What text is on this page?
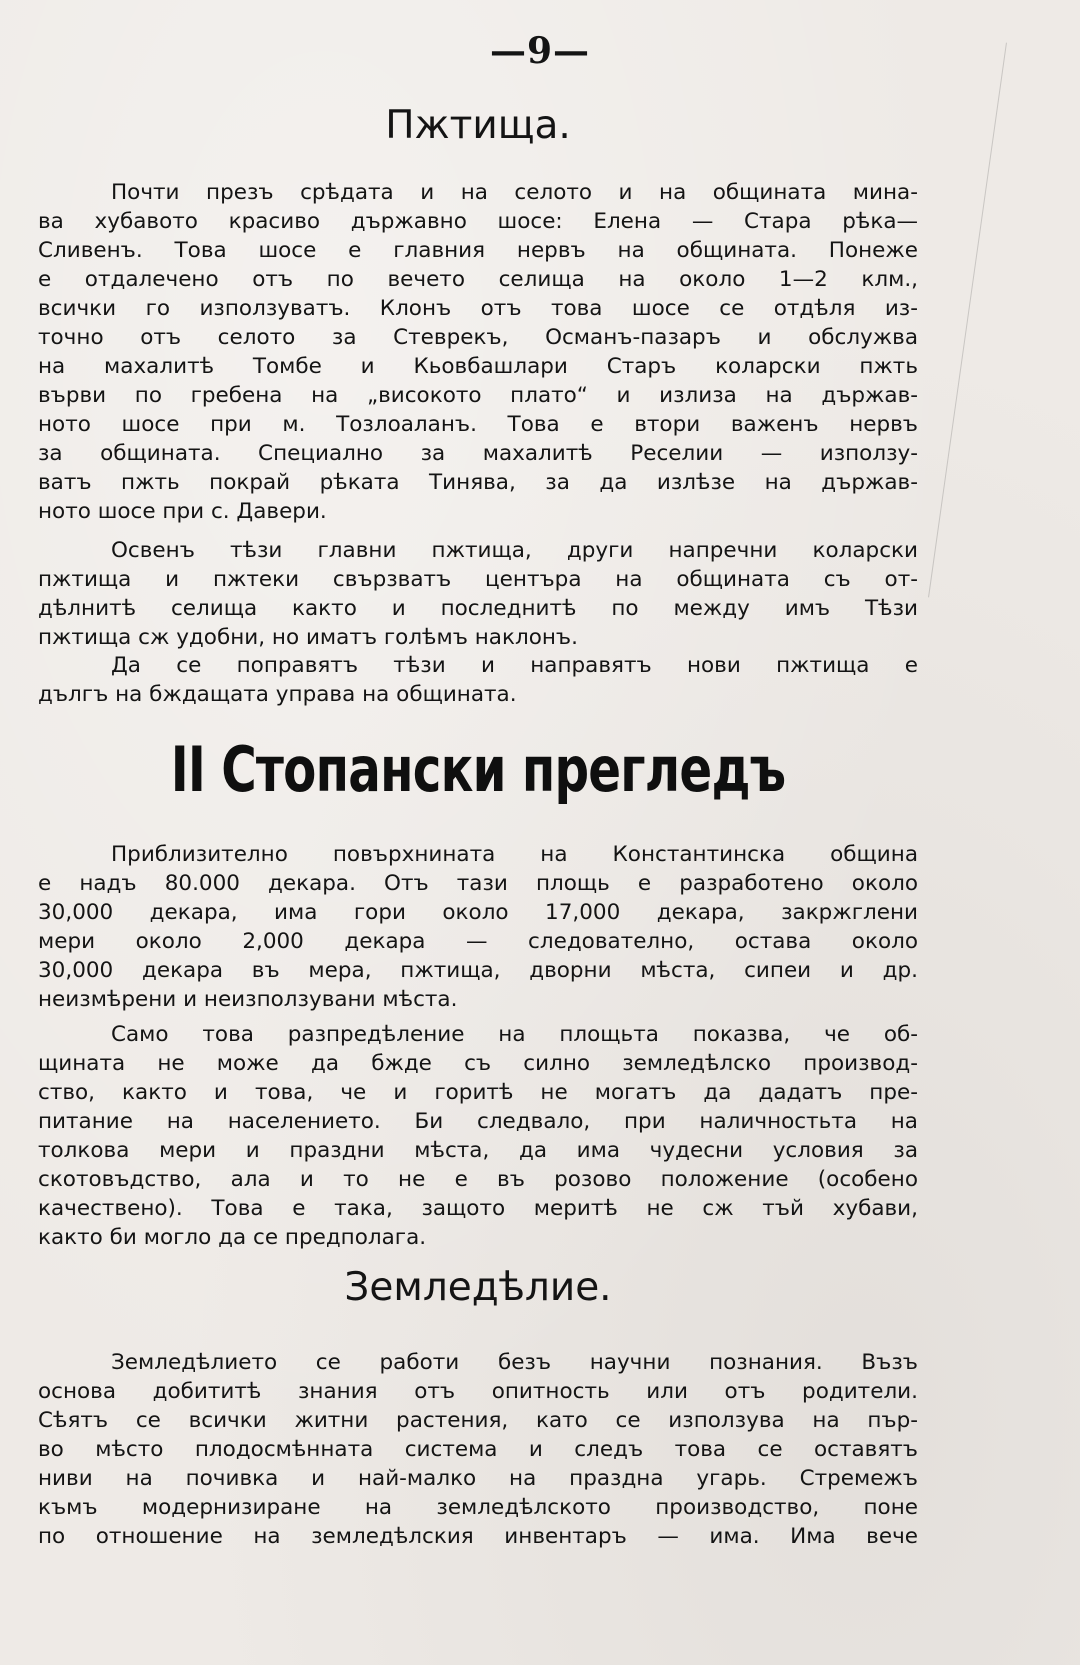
—9—
Пжтища.
Почти презъ срѣдата и на селото и на общината мина-
ва хубавото красиво държавно шосе: Елена — Стара рѣка—
Сливенъ. Това шосе е главния нервъ на общината. Понеже
е отдалечено отъ по вечето селища на около 1—2 клм.,
всички го използуватъ. Клонъ отъ това шосе се отдѣля из-
точно отъ селото за Стеврекъ, Османъ-пазаръ и обслужва
на махалитѣ Томбе и Кьовбашлари Старъ коларски пжть
върви по гребена на „високото плато“ и излиза на държав-
ното шосе при м. Тозлоаланъ. Това е втори важенъ нервъ
за общината. Специално за махалитѣ Реселии — използу-
ватъ пжть покрай рѣката Тинява, за да излѣзе на държав-
ното шосе при с. Давери.
Освенъ тѣзи главни пжтища, други напречни коларски
пжтища и пжтеки свързватъ центъра на общината съ от-
дѣлнитѣ селища както и последнитѣ по между имъ Тѣзи
пжтища сж удобни, но иматъ голѣмъ наклонъ.
Да се поправятъ тѣзи и направятъ нови пжтища е
дългъ на бждащата управа на общината.
II Стопански прегледъ
Приблизително повърхнината на Константинска община
е надъ 80.000 декара. Отъ тази площь е разработено около
30,000 декара, има гори около 17,000 декара, закржглени
мери около 2,000 декара — следователно, остава около
30,000 декара въ мера, пжтища, дворни мѣста, сипеи и др.
неизмѣрени и неизползувани мѣста.
Само това разпредѣление на площьта показва, че об-
щината не може да бжде съ силно земледѣлско производ-
ство, както и това, че и горитѣ не могатъ да дадатъ пре-
питание на населението. Би следвало, при наличностьта на
толкова мери и праздни мѣста, да има чудесни условия за
скотовъдство, ала и то не е въ розово положение (особено
качествено). Това е така, защото меритѣ не сж тъй хубави,
както би могло да се предполага.
Земледѣлие.
Земледѣлието се работи безъ научни познания. Възъ
основа добититѣ знания отъ опитность или отъ родители.
Сѣятъ се всички житни растения, като се използува на пър-
во мѣсто плодосмѣнната система и следъ това се оставятъ
ниви на почивка и най-малко на праздна угарь. Стремежъ
къмъ модернизиране на земледѣлското производство, поне
по отношение на земледѣлския инвентаръ — има. Има вече
